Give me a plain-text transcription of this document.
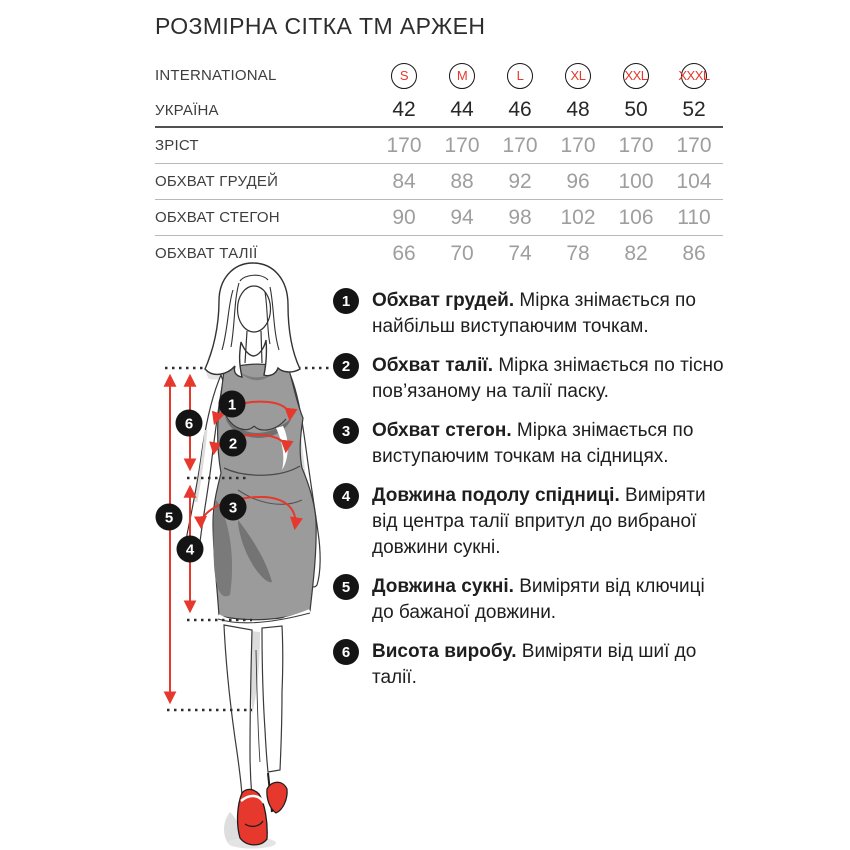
РОЗМІРНА СІТКА ТМ АРЖЕН
INTERNATIONAL	S	M	L	XL	XXL XXXL
УКРАЇНА	42	44	46	48	50	52
ЗРІСТ	170	170	170	170	170	170
ОБХВАТ ГРУДЕЙ	84	88	92	96	100	104
ОБХВАТ СТЕГОН	90	94	98	102	106	110
ОБХВАТ ТАЛІЇ	66	70	74	78	82	86
1
2
3
4
5
6
1	Обхват грудей. Мірка знімається по найбільш виступаючим точкам.
2	Обхват талії. Мірка знімається по тісно пов’язаному на талії паску.
3	Обхват стегон. Мірка знімається по виступаючим точкам на сідницях.
4	Довжина подолу спідниці. Виміряти від центра талії впритул до вибраної довжини сукні.
5	Довжина сукні. Виміряти від ключиці до бажаної довжини.
6	Висота виробу. Виміряти від шиї до талії.
